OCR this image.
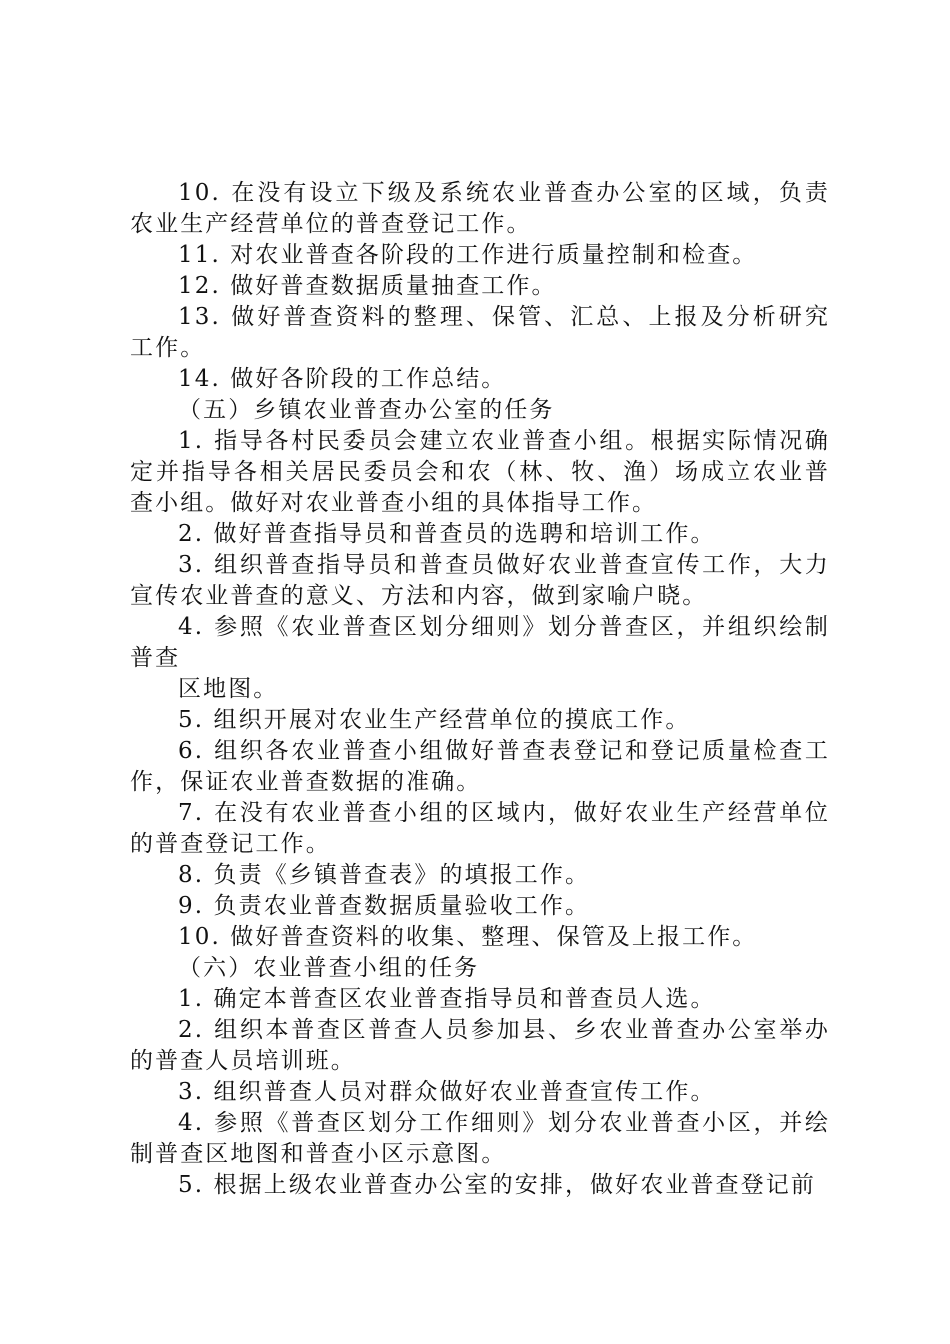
10. 在没有设立下级及系统农业普查办公室的区域，负责农业生产经营单位的普查登记工作。

11. 对农业普查各阶段的工作进行质量控制和检查。

12. 做好普查数据质量抽查工作。

13. 做好普查资料的整理、保管、汇总、上报及分析研究工作。

14. 做好各阶段的工作总结。

（五）乡镇农业普查办公室的任务

1. 指导各村民委员会建立农业普查小组。根据实际情况确定并指导各相关居民委员会和农（林、牧、渔）场成立农业普查小组。做好对农业普查小组的具体指导工作。

2. 做好普查指导员和普查员的选聘和培训工作。

3. 组织普查指导员和普查员做好农业普查宣传工作，大力宣传农业普查的意义、方法和内容，做到家喻户晓。

4. 参照《农业普查区划分细则》划分普查区，并组织绘制普查

区地图。

5. 组织开展对农业生产经营单位的摸底工作。

6. 组织各农业普查小组做好普查表登记和登记质量检查工作，保证农业普查数据的准确。

7. 在没有农业普查小组的区域内，做好农业生产经营单位的普查登记工作。

8. 负责《乡镇普查表》的填报工作。

9. 负责农业普查数据质量验收工作。

10. 做好普查资料的收集、整理、保管及上报工作。

（六）农业普查小组的任务

1. 确定本普查区农业普查指导员和普查员人选。

2. 组织本普查区普查人员参加县、乡农业普查办公室举办的普查人员培训班。

3. 组织普查人员对群众做好农业普查宣传工作。

4. 参照《普查区划分工作细则》划分农业普查小区，并绘制普查区地图和普查小区示意图。

5. 根据上级农业普查办公室的安排，做好农业普查登记前
